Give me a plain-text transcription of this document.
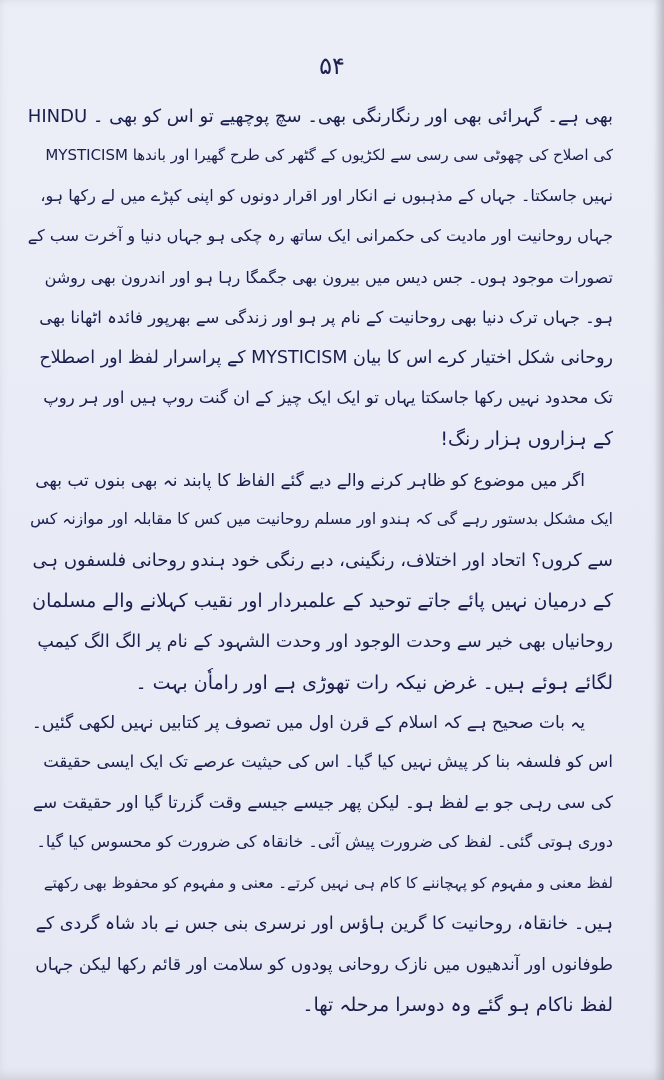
۵۴
بھی ہے۔ گہرائی بھی اور رنگارنگی بھی۔ سچ پوچھیے تو اس کو بھی ۔ HINDU
MYSTICISM کی اصلاح کی چھوٹی سی رسی سے لکڑیوں کے گٹھر کی طرح گھیرا اور باندھا
نہیں جاسکتا۔ جہاں کے مذہبوں نے انکار اور اقرار دونوں کو اپنی کپڑے میں لے رکھا ہو،
جہاں روحانیت اور مادیت کی حکمرانی ایک ساتھ رہ چکی ہو جہاں دنیا و آخرت سب کے
تصورات موجود ہوں۔ جس دیس میں بیرون بھی جگمگا رہا ہو اور اندرون بھی روشن
ہو۔ جہاں ترک دنیا بھی روحانیت کے نام پر ہو اور زندگی سے بھرپور فائدہ اٹھانا بھی
روحانی شکل اختیار کرے اس کا بیان MYSTICISM کے پراسرار لفظ اور اصطلاح
تک محدود نہیں رکھا جاسکتا یہاں تو ایک ایک چیز کے ان گنت روپ ہیں اور ہر روپ
کے ہزاروں ہزار رنگ!
اگر میں موضوع کو ظاہر کرنے والے دیے گئے الفاظ کا پابند نہ بھی بنوں تب بھی
ایک مشکل بدستور رہے گی کہ ہندو اور مسلم روحانیت میں کس کا مقابلہ اور موازنہ کس
سے کروں؟ اتحاد اور اختلاف، رنگینی، دبے رنگی خود ہندو روحانی فلسفوں ہی
کے درمیان نہیں پائے جاتے توحید کے علمبردار اور نقیب کہلانے والے مسلمان
روحانیاں بھی خیر سے وحدت الوجود اور وحدت الشہود کے نام پر الگ الگ کیمپ
لگائے ہوئے ہیں۔ غرض نیکہ رات تھوڑی ہے اور راماٗن بہت ۔
یہ بات صحیح ہے کہ اسلام کے قرن اول میں تصوف پر کتابیں نہیں لکھی گئیں۔
اس کو فلسفہ بنا کر پیش نہیں کیا گیا۔ اس کی حیثیت عرصے تک ایک ایسی حقیقت
کی سی رہی جو بے لفظ ہو۔ لیکن پھر جیسے جیسے وقت گزرتا گیا اور حقیقت سے
دوری ہوتی گئی۔ لفظ کی ضرورت پیش آئی۔ خانقاہ کی ضرورت کو محسوس کیا گیا۔
لفظ معنی و مفہوم کو پہچاننے کا کام ہی نہیں کرتے۔ معنی و مفہوم کو محفوظ بھی رکھتے
ہیں۔ خانقاہ، روحانیت کا گرین ہاؤس اور نرسری بنی جس نے باد شاہ گردی کے
طوفانوں اور آندھیوں میں نازک روحانی پودوں کو سلامت اور قائم رکھا لیکن جہاں
لفظ ناکام ہو گئے وہ دوسرا مرحلہ تھا۔
